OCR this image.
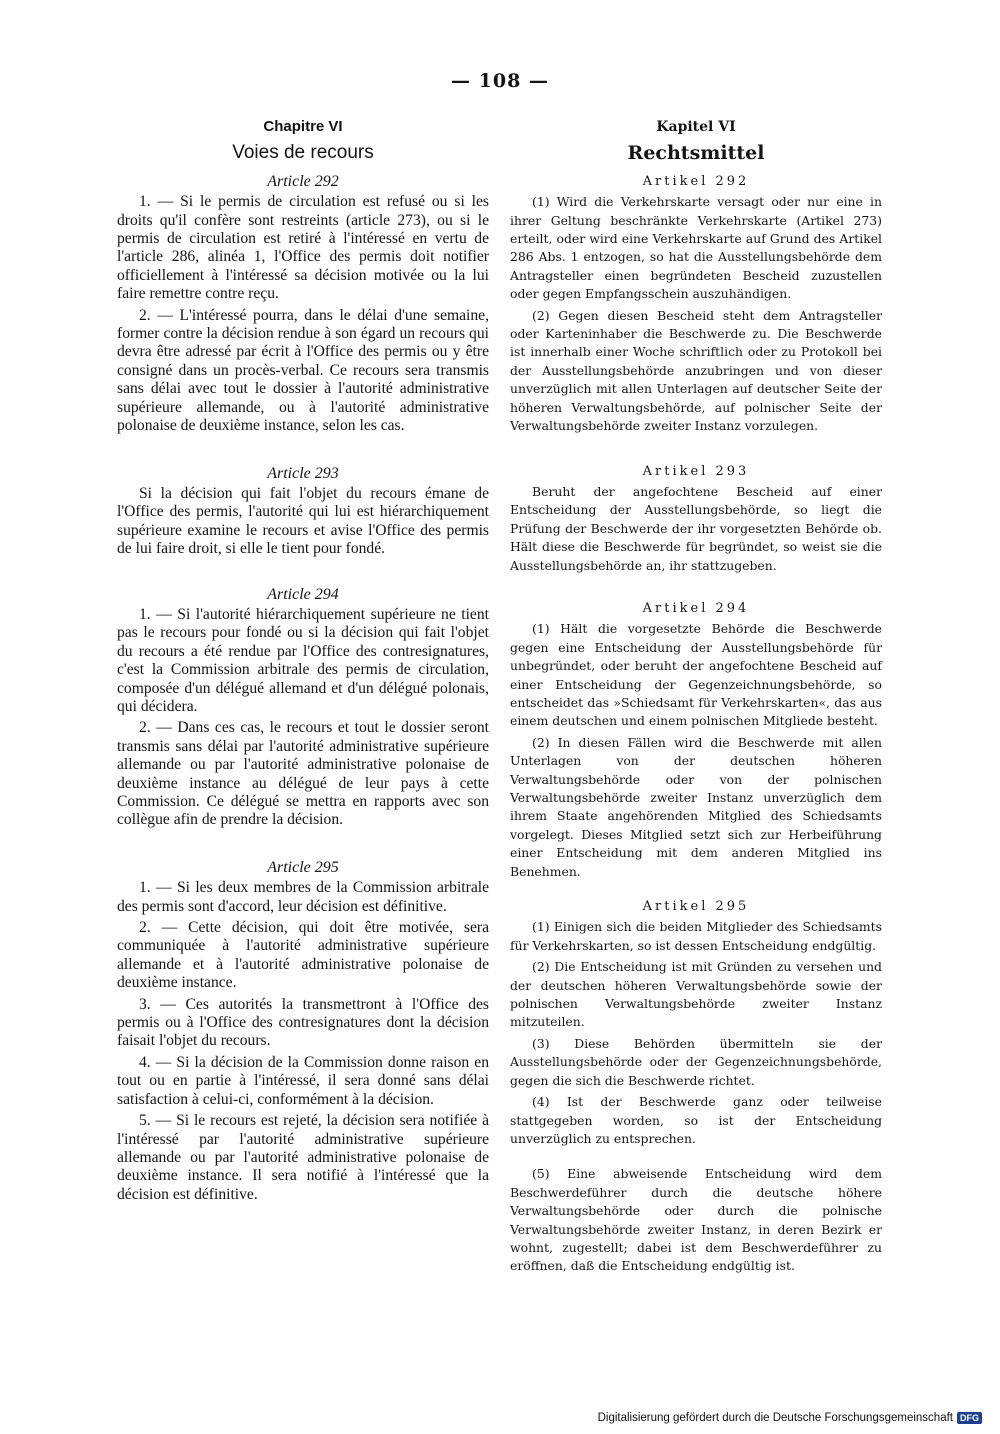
— 108 —
Chapitre VI
Voies de recours
Article 292

1. — Si le permis de circulation est refusé ou si les droits qu'il confère sont restreints (article 273), ou si le permis de circulation est retiré à l'intéressé en vertu de l'article 286, alinéa 1, l'Office des permis doit notifier officiellement à l'intéressé sa décision motivée ou la lui faire remettre contre reçu.

2. — L'intéressé pourra, dans le délai d'une semaine, former contre la décision rendue à son égard un recours qui devra être adressé par écrit à l'Office des permis ou y être consigné dans un procès-verbal. Ce recours sera transmis sans délai avec tout le dossier à l'autorité administrative supérieure allemande, ou à l'autorité administrative polonaise de deuxième instance, selon les cas.

Article 293

Si la décision qui fait l'objet du recours émane de l'Office des permis, l'autorité qui lui est hiérarchiquement supérieure examine le recours et avise l'Office des permis de lui faire droit, si elle le tient pour fondé.

Article 294

1. — Si l'autorité hiérarchiquement supérieure ne tient pas le recours pour fondé ou si la décision qui fait l'objet du recours a été rendue par l'Office des contresignatures, c'est la Commission arbitrale des permis de circulation, composée d'un délégué allemand et d'un délégué polonais, qui décidera.

2. — Dans ces cas, le recours et tout le dossier seront transmis sans délai par l'autorité administrative supérieure allemande ou par l'autorité administrative polonaise de deuxième instance au délégué de leur pays à cette Commission. Ce délégué se mettra en rapports avec son collègue afin de prendre la décision.

Article 295

1. — Si les deux membres de la Commission arbitrale des permis sont d'accord, leur décision est définitive.

2. — Cette décision, qui doit être motivée, sera communiquée à l'autorité administrative supérieure allemande et à l'autorité administrative polonaise de deuxième instance.

3. — Ces autorités la transmettront à l'Office des permis ou à l'Office des contresignatures dont la décision faisait l'objet du recours.

4. — Si la décision de la Commission donne raison en tout ou en partie à l'intéressé, il sera donné sans délai satisfaction à celui-ci, conformément à la décision.

5. — Si le recours est rejeté, la décision sera notifiée à l'intéressé par l'autorité administrative supérieure allemande ou par l'autorité administrative polonaise de deuxième instance. Il sera notifié à l'intéressé que la décision est définitive.

Kapitel VI
Rechtsmittel
Artikel 292

(1) Wird die Verkehrskarte versagt oder nur eine in ihrer Geltung beschränkte Verkehrskarte (Artikel 273) erteilt, oder wird eine Verkehrskarte auf Grund des Artikel 286 Abs. 1 entzogen, so hat die Ausstellungsbehörde dem Antragsteller einen begründeten Bescheid zuzustellen oder gegen Empfangsschein auszuhändigen.

(2) Gegen diesen Bescheid steht dem Antragsteller oder Karteninhaber die Beschwerde zu. Die Beschwerde ist innerhalb einer Woche schriftlich oder zu Protokoll bei der Ausstellungsbehörde anzubringen und von dieser unverzüglich mit allen Unterlagen auf deutscher Seite der höheren Verwaltungsbehörde, auf polnischer Seite der Verwaltungsbehörde zweiter Instanz vorzulegen.

Artikel 293

Beruht der angefochtene Bescheid auf einer Entscheidung der Ausstellungsbehörde, so liegt die Prüfung der Beschwerde der ihr vorgesetzten Behörde ob. Hält diese die Beschwerde für begründet, so weist sie die Ausstellungsbehörde an, ihr stattzugeben.

Artikel 294

(1) Hält die vorgesetzte Behörde die Beschwerde gegen eine Entscheidung der Ausstellungsbehörde für unbegründet, oder beruht der angefochtene Bescheid auf einer Entscheidung der Gegenzeichnungsbehörde, so entscheidet das »Schiedsamt für Verkehrskarten«, das aus einem deutschen und einem polnischen Mitgliede besteht.

(2) In diesen Fällen wird die Beschwerde mit allen Unterlagen von der deutschen höheren Verwaltungsbehörde oder von der polnischen Verwaltungsbehörde zweiter Instanz unverzüglich dem ihrem Staate angehörenden Mitglied des Schiedsamts vorgelegt. Dieses Mitglied setzt sich zur Herbeiführung einer Entscheidung mit dem anderen Mitglied ins Benehmen.

Artikel 295

(1) Einigen sich die beiden Mitglieder des Schiedsamts für Verkehrskarten, so ist dessen Entscheidung endgültig.

(2) Die Entscheidung ist mit Gründen zu versehen und der deutschen höheren Verwaltungsbehörde sowie der polnischen Verwaltungsbehörde zweiter Instanz mitzuteilen.

(3) Diese Behörden übermitteln sie der Ausstellungsbehörde oder der Gegenzeichnungsbehörde, gegen die sich die Beschwerde richtet.

(4) Ist der Beschwerde ganz oder teilweise stattgegeben worden, so ist der Entscheidung unverzüglich zu entsprechen.

(5) Eine abweisende Entscheidung wird dem Beschwerdeführer durch die deutsche höhere Verwaltungsbehörde oder durch die polnische Verwaltungsbehörde zweiter Instanz, in deren Bezirk er wohnt, zugestellt; dabei ist dem Beschwerdeführer zu eröffnen, daß die Entscheidung endgültig ist.

Digitalisierung gefördert durch die Deutsche Forschungsgemeinschaft DFG
